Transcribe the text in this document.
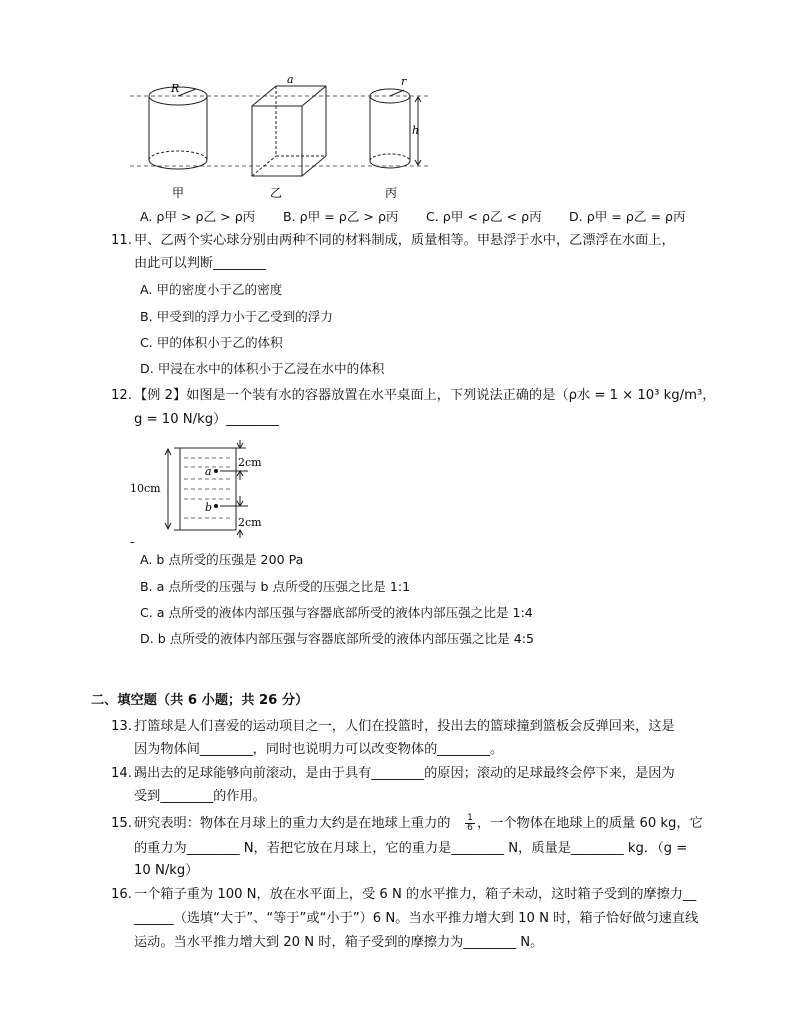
R
a	r
h
甲	乙	丙
A. ρ甲 > ρ乙 > ρ丙 B. ρ甲 = ρ乙 > ρ丙 C. ρ甲 < ρ乙 < ρ丙 D. ρ甲 = ρ乙 = ρ丙
11. 甲、乙两个实心球分别由两种不同的材料制成，质量相等。甲悬浮于水中，乙漂浮在水面上，
由此可以判断________
A. 甲的密度小于乙的密度
B. 甲受到的浮力小于乙受到的浮力
C. 甲的体积小于乙的体积
D. 甲浸在水中的体积小于乙浸在水中的体积
12. 【例 2】如图是一个装有水的容器放置在水平桌面上，下列说法正确的是（ρ水 = 1 × 10³ kg/m³，
g = 10 N/kg）________
a
b
10cm
2cm
2cm
-
A. b 点所受的压强是 200 Pa
B. a 点所受的压强与 b 点所受的压强之比是 1:1
C. a 点所受的液体内部压强与容器底部所受的液体内部压强之比是 1:4
D. b 点所受的液体内部压强与容器底部所受的液体内部压强之比是 4:5
二、填空题（共 6 小题；共 26 分）
13. 打篮球是人们喜爱的运动项目之一，人们在投篮时，投出去的篮球撞到篮板会反弹回来，这是
因为物体间________，同时也说明力可以改变物体的________。
14. 踢出去的足球能够向前滚动，是由于具有________的原因；滚动的足球最终会停下来，是因为
受到________的作用。
15. 研究表明：物体在月球上的重力大约是在地球上重力的 $\frac{1}{6}$ ，一个物体在地球上的质量 60 kg，它
的重力为________ N，若把它放在月球上，它的重力是________ N，质量是________ kg．（g =
10 N/kg）
16. 一个箱子重为 100 N，放在水平面上，受 6 N 的水平推力，箱子未动，这时箱子受到的摩擦力__
______（选填“大于”、“等于”或“小于”）6 N。当水平推力增大到 10 N 时，箱子恰好做匀速直线
运动。当水平推力增大到 20 N 时，箱子受到的摩擦力为________ N。
